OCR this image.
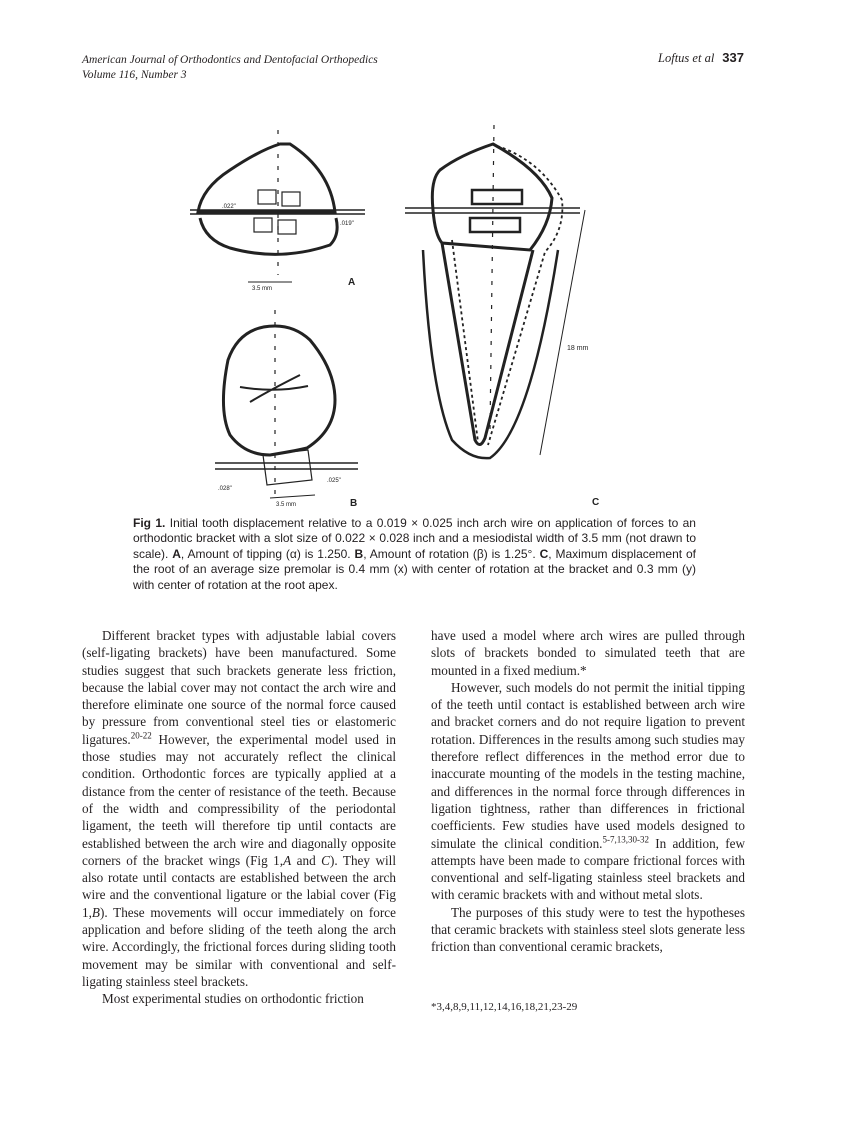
American Journal of Orthodontics and Dentofacial Orthopedics
Volume 116, Number 3
Loftus et al 337
.022"
.019"
3.5 mm
A
.028"
.025"
3.5 mm	B
18 mm
C
Fig 1. Initial tooth displacement relative to a 0.019 × 0.025 inch arch wire on application of forces to an orthodontic bracket with a slot size of 0.022 × 0.028 inch and a mesiodistal width of 3.5 mm (not drawn to scale). A, Amount of tipping (α) is 1.250. B, Amount of rotation (β) is 1.25°. C, Maximum displacement of the root of an average size premolar is 0.4 mm (x) with center of rotation at the bracket and 0.3 mm (y) with center of rotation at the root apex.

Different bracket types with adjustable labial covers (self-ligating brackets) have been manufactured. Some studies suggest that such brackets generate less friction, because the labial cover may not contact the arch wire and therefore eliminate one source of the normal force caused by pressure from conventional steel ties or elastomeric ligatures.$^{20-22}$ However, the experimental model used in those studies may not accurately reflect the clinical condition. Orthodontic forces are typically applied at a distance from the center of resistance of the teeth. Because of the width and compressibility of the periodontal ligament, the teeth will therefore tip until contacts are established between the arch wire and diagonally opposite corners of the bracket wings (Fig 1,A and C). They will also rotate until contacts are established between the arch wire and the conventional ligature or the labial cover (Fig 1,B). These movements will occur immediately on force application and before sliding of the teeth along the arch wire. Accordingly, the frictional forces during sliding tooth movement may be similar with conventional and self-ligating stainless steel brackets.

Most experimental studies on orthodontic friction

have used a model where arch wires are pulled through slots of brackets bonded to simulated teeth that are mounted in a fixed medium.*

However, such models do not permit the initial tipping of the teeth until contact is established between arch wire and bracket corners and do not require ligation to prevent rotation. Differences in the results among such studies may therefore reflect differences in the method error due to inaccurate mounting of the models in the testing machine, and differences in the normal force through differences in ligation tightness, rather than differences in frictional coefficients. Few studies have used models designed to simulate the clinical condition.$^{5-7,13,30-32}$ In addition, few attempts have been made to compare frictional forces with conventional and self-ligating stainless steel brackets and with ceramic brackets with and without metal slots.

The purposes of this study were to test the hypotheses that ceramic brackets with stainless steel slots generate less friction than conventional ceramic brackets,

*3,4,8,9,11,12,14,16,18,21,23-29
